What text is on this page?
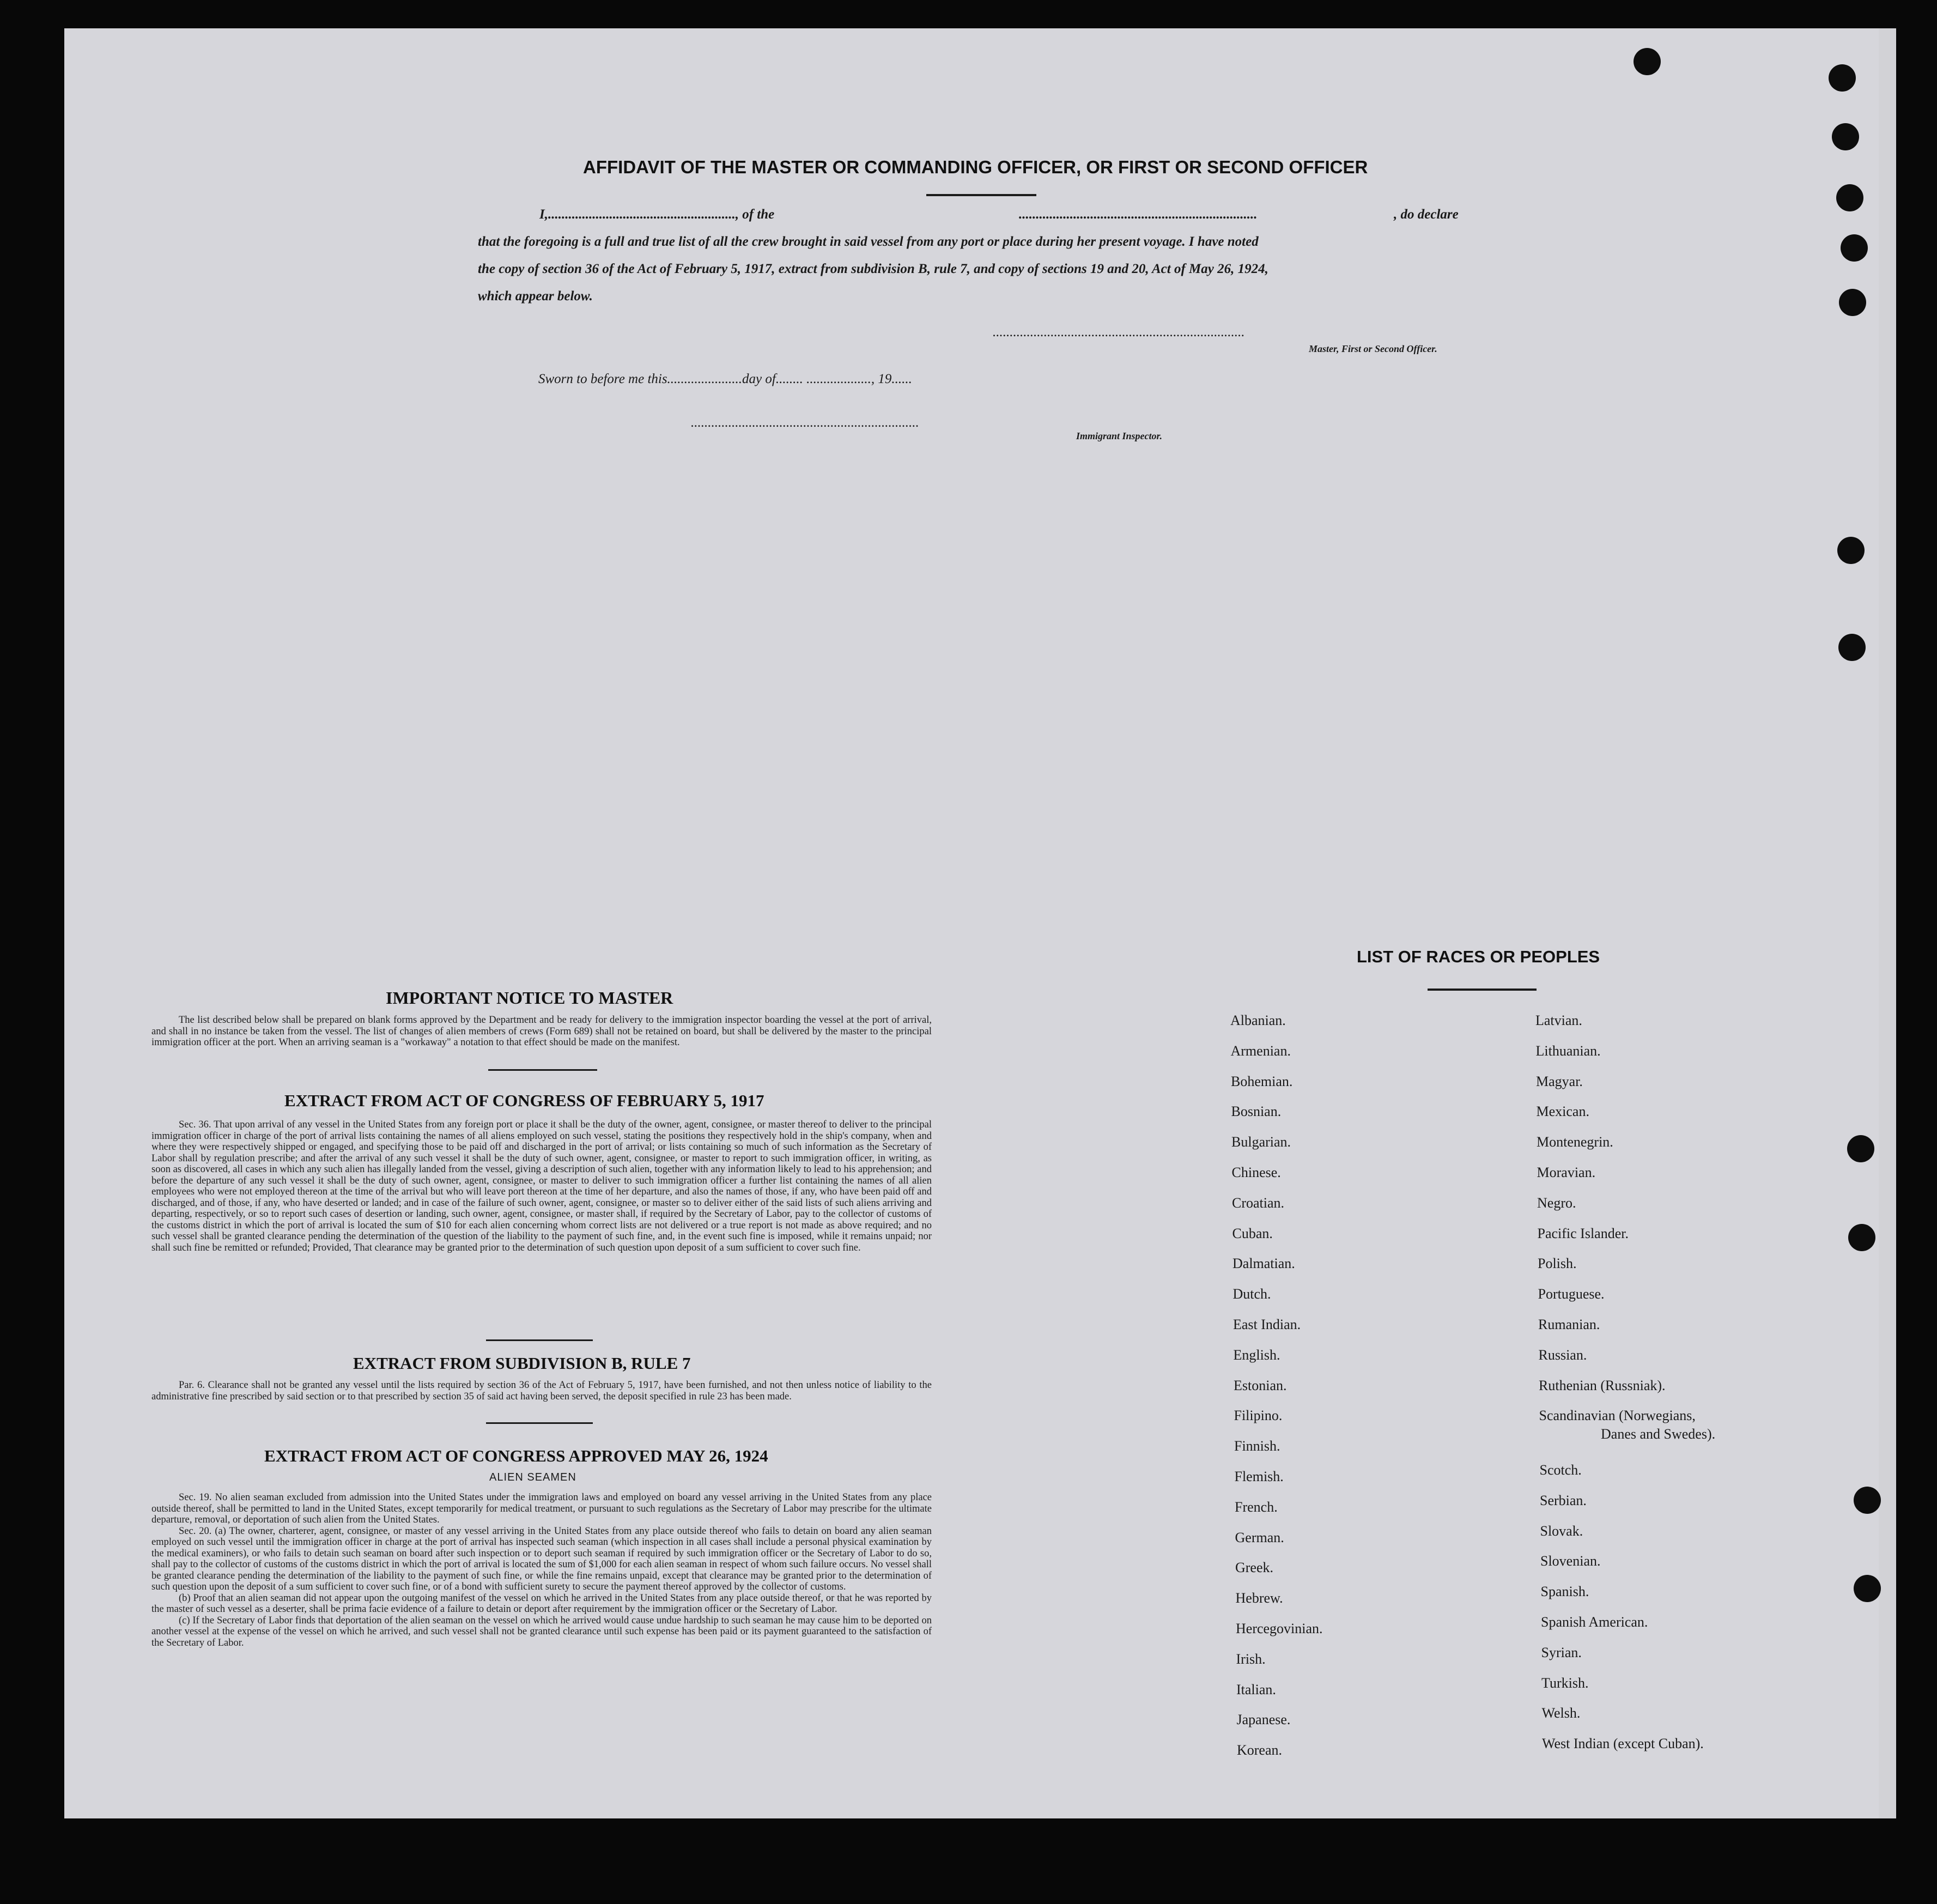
AFFIDAVIT OF THE MASTER OR COMMANDING OFFICER, OR FIRST OR SECOND OFFICER
I,......................................................., of the	......................................................................	, do declare
that the foregoing is a full and true list of all the crew brought in said vessel from any port or place during her present voyage. I have noted
the copy of section 36 of the Act of February 5, 1917, extract from subdivision B, rule 7, and copy of sections 19 and 20, Act of May 26, 1924,
which appear below.
..........................................................................
Master, First or Second Officer.
Sworn to before me this......................day of........ ..................., 19......
...................................................................
Immigrant Inspector.
IMPORTANT NOTICE TO MASTER

The list described below shall be prepared on blank forms approved by the Department and be ready for delivery to the immigration inspector boarding the vessel at the port of arrival, and shall in no instance be taken from the vessel. The list of changes of alien members of crews (Form 689) shall not be retained on board, but shall be delivered by the master to the principal immigration officer at the port. When an arriving seaman is a "workaway" a notation to that effect should be made on the manifest.

EXTRACT FROM ACT OF CONGRESS OF FEBRUARY 5, 1917

Sec. 36. That upon arrival of any vessel in the United States from any foreign port or place it shall be the duty of the owner, agent, consignee, or master thereof to deliver to the principal immigration officer in charge of the port of arrival lists containing the names of all aliens employed on such vessel, stating the positions they respectively hold in the ship's company, when and where they were respectively shipped or engaged, and specifying those to be paid off and discharged in the port of arrival; or lists containing so much of such information as the Secretary of Labor shall by regulation prescribe; and after the arrival of any such vessel it shall be the duty of such owner, agent, consignee, or master to report to such immigration officer, in writing, as soon as discovered, all cases in which any such alien has illegally landed from the vessel, giving a description of such alien, together with any information likely to lead to his apprehension; and before the departure of any such vessel it shall be the duty of such owner, agent, consignee, or master to deliver to such immigration officer a further list containing the names of all alien employees who were not employed thereon at the time of the arrival but who will leave port thereon at the time of her departure, and also the names of those, if any, who have been paid off and discharged, and of those, if any, who have deserted or landed; and in case of the failure of such owner, agent, consignee, or master so to deliver either of the said lists of such aliens arriving and departing, respectively, or so to report such cases of desertion or landing, such owner, agent, consignee, or master shall, if required by the Secretary of Labor, pay to the collector of customs of the customs district in which the port of arrival is located the sum of $10 for each alien concerning whom correct lists are not delivered or a true report is not made as above required; and no such vessel shall be granted clearance pending the determination of the question of the liability to the payment of such fine, and, in the event such fine is imposed, while it remains unpaid; nor shall such fine be remitted or refunded; Provided, That clearance may be granted prior to the determination of such question upon deposit of a sum sufficient to cover such fine.

EXTRACT FROM SUBDIVISION B, RULE 7

Par. 6. Clearance shall not be granted any vessel until the lists required by section 36 of the Act of February 5, 1917, have been furnished, and not then unless notice of liability to the administrative fine prescribed by said section or to that prescribed by section 35 of said act having been served, the deposit specified in rule 23 has been made.

EXTRACT FROM ACT OF CONGRESS APPROVED MAY 26, 1924
ALIEN SEAMEN

Sec. 19. No alien seaman excluded from admission into the United States under the immigration laws and employed on board any vessel arriving in the United States from any place outside thereof, shall be permitted to land in the United States, except temporarily for medical treatment, or pursuant to such regulations as the Secretary of Labor may prescribe for the ultimate departure, removal, or deportation of such alien from the United States.

Sec. 20. (a) The owner, charterer, agent, consignee, or master of any vessel arriving in the United States from any place outside thereof who fails to detain on board any alien seaman employed on such vessel until the immigration officer in charge at the port of arrival has inspected such seaman (which inspection in all cases shall include a personal physical examination by the medical examiners), or who fails to detain such seaman on board after such inspection or to deport such seaman if required by such immigration officer or the Secretary of Labor to do so, shall pay to the collector of customs of the customs district in which the port of arrival is located the sum of $1,000 for each alien seaman in respect of whom such failure occurs. No vessel shall be granted clearance pending the determination of the liability to the payment of such fine, or while the fine remains unpaid, except that clearance may be granted prior to the determination of such question upon the deposit of a sum sufficient to cover such fine, or of a bond with sufficient surety to secure the payment thereof approved by the collector of customs.

(b) Proof that an alien seaman did not appear upon the outgoing manifest of the vessel on which he arrived in the United States from any place outside thereof, or that he was reported by the master of such vessel as a deserter, shall be prima facie evidence of a failure to detain or deport after requirement by the immigration officer or the Secretary of Labor.

(c) If the Secretary of Labor finds that deportation of the alien seaman on the vessel on which he arrived would cause undue hardship to such seaman he may cause him to be deported on another vessel at the expense of the vessel on which he arrived, and such vessel shall not be granted clearance until such expense has been paid or its payment guaranteed to the satisfaction of the Secretary of Labor.

LIST OF RACES OR PEOPLES
Albanian.
Armenian.
Bohemian.
Bosnian.
Bulgarian.
Chinese.
Croatian.
Cuban.
Dalmatian.
Dutch.
East Indian.
English.
Estonian.
Filipino.
Finnish.
Flemish.
French.
German.
Greek.
Hebrew.
Hercegovinian.
Irish.
Italian.
Japanese.
Korean.
Latvian.
Lithuanian.
Magyar.
Mexican.
Montenegrin.
Moravian.
Negro.
Pacific Islander.
Polish.
Portuguese.
Rumanian.
Russian.
Ruthenian (Russniak).
Scandinavian (Norwegians,
Danes and Swedes).
Scotch.
Serbian.
Slovak.
Slovenian.
Spanish.
Spanish American.
Syrian.
Turkish.
Welsh.
West Indian (except Cuban).
